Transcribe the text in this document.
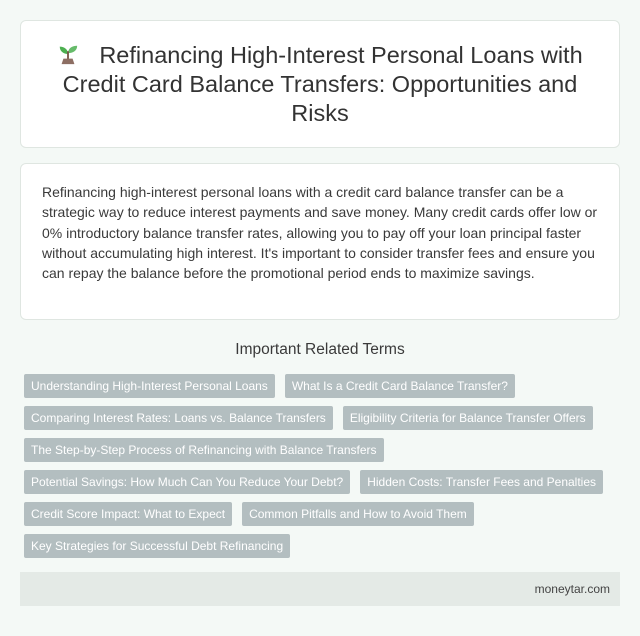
Refinancing High-Interest Personal Loans with Credit Card Balance Transfers: Opportunities and Risks

Refinancing high-interest personal loans with a credit card balance transfer can be a strategic way to reduce interest payments and save money. Many credit cards offer low or 0% introductory balance transfer rates, allowing you to pay off your loan principal faster without accumulating high interest. It's important to consider transfer fees and ensure you can repay the balance before the promotional period ends to maximize savings.

Important Related Terms
Understanding High-Interest Personal Loans	What Is a Credit Card Balance Transfer?
Comparing Interest Rates: Loans vs. Balance Transfers	Eligibility Criteria for Balance Transfer Offers
The Step-by-Step Process of Refinancing with Balance Transfers
Potential Savings: How Much Can You Reduce Your Debt?	Hidden Costs: Transfer Fees and Penalties
Credit Score Impact: What to Expect	Common Pitfalls and How to Avoid Them
Key Strategies for Successful Debt Refinancing
moneytar.com
